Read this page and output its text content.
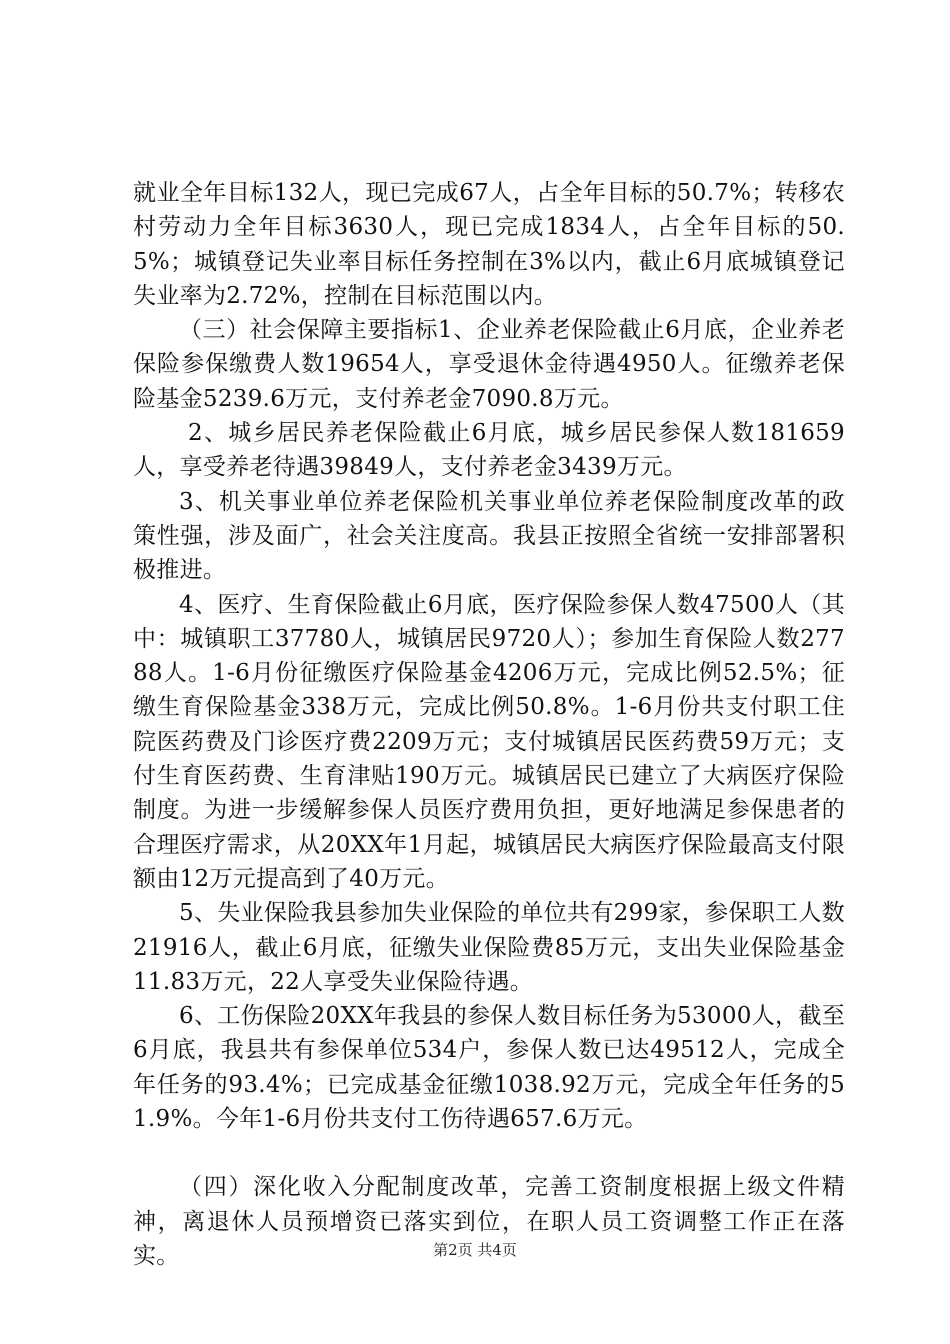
就业全年目标132人，现已完成67人，占全年目标的50.7%；转移农村劳动力全年目标3630人，现已完成1834人，占全年目标的50.5%；城镇登记失业率目标任务控制在3%以内，截止6月底城镇登记失业率为2.72%，控制在目标范围以内。

（三）社会保障主要指标1、企业养老保险截止6月底，企业养老保险参保缴费人数19654人，享受退休金待遇4950人。征缴养老保险基金5239.6万元，支付养老金7090.8万元。

2、城乡居民养老保险截止6月底，城乡居民参保人数181659人，享受养老待遇39849人，支付养老金3439万元。

3、机关事业单位养老保险机关事业单位养老保险制度改革的政策性强，涉及面广，社会关注度高。我县正按照全省统一安排部署积极推进。

4、医疗、生育保险截止6月底，医疗保险参保人数47500人（其中：城镇职工37780人，城镇居民9720人）；参加生育保险人数27788人。1-6月份征缴医疗保险基金4206万元，完成比例52.5%；征缴生育保险基金338万元，完成比例50.8%。1-6月份共支付职工住院医药费及门诊医疗费2209万元；支付城镇居民医药费59万元；支付生育医药费、生育津贴190万元。城镇居民已建立了大病医疗保险制度。为进一步缓解参保人员医疗费用负担，更好地满足参保患者的合理医疗需求，从20XX年1月起，城镇居民大病医疗保险最高支付限额由12万元提高到了40万元。

5、失业保险我县参加失业保险的单位共有299家，参保职工人数21916人，截止6月底，征缴失业保险费85万元，支出失业保险基金11.83万元，22人享受失业保险待遇。

6、工伤保险20XX年我县的参保人数目标任务为53000人，截至6月底，我县共有参保单位534户，参保人数已达49512人，完成全年任务的93.4%；已完成基金征缴1038.92万元，完成全年任务的51.9%。今年1-6月份共支付工伤待遇657.6万元。

（四）深化收入分配制度改革，完善工资制度根据上级文件精神，离退休人员预增资已落实到位，在职人员工资调整工作正在落实。	第2页 共4页
